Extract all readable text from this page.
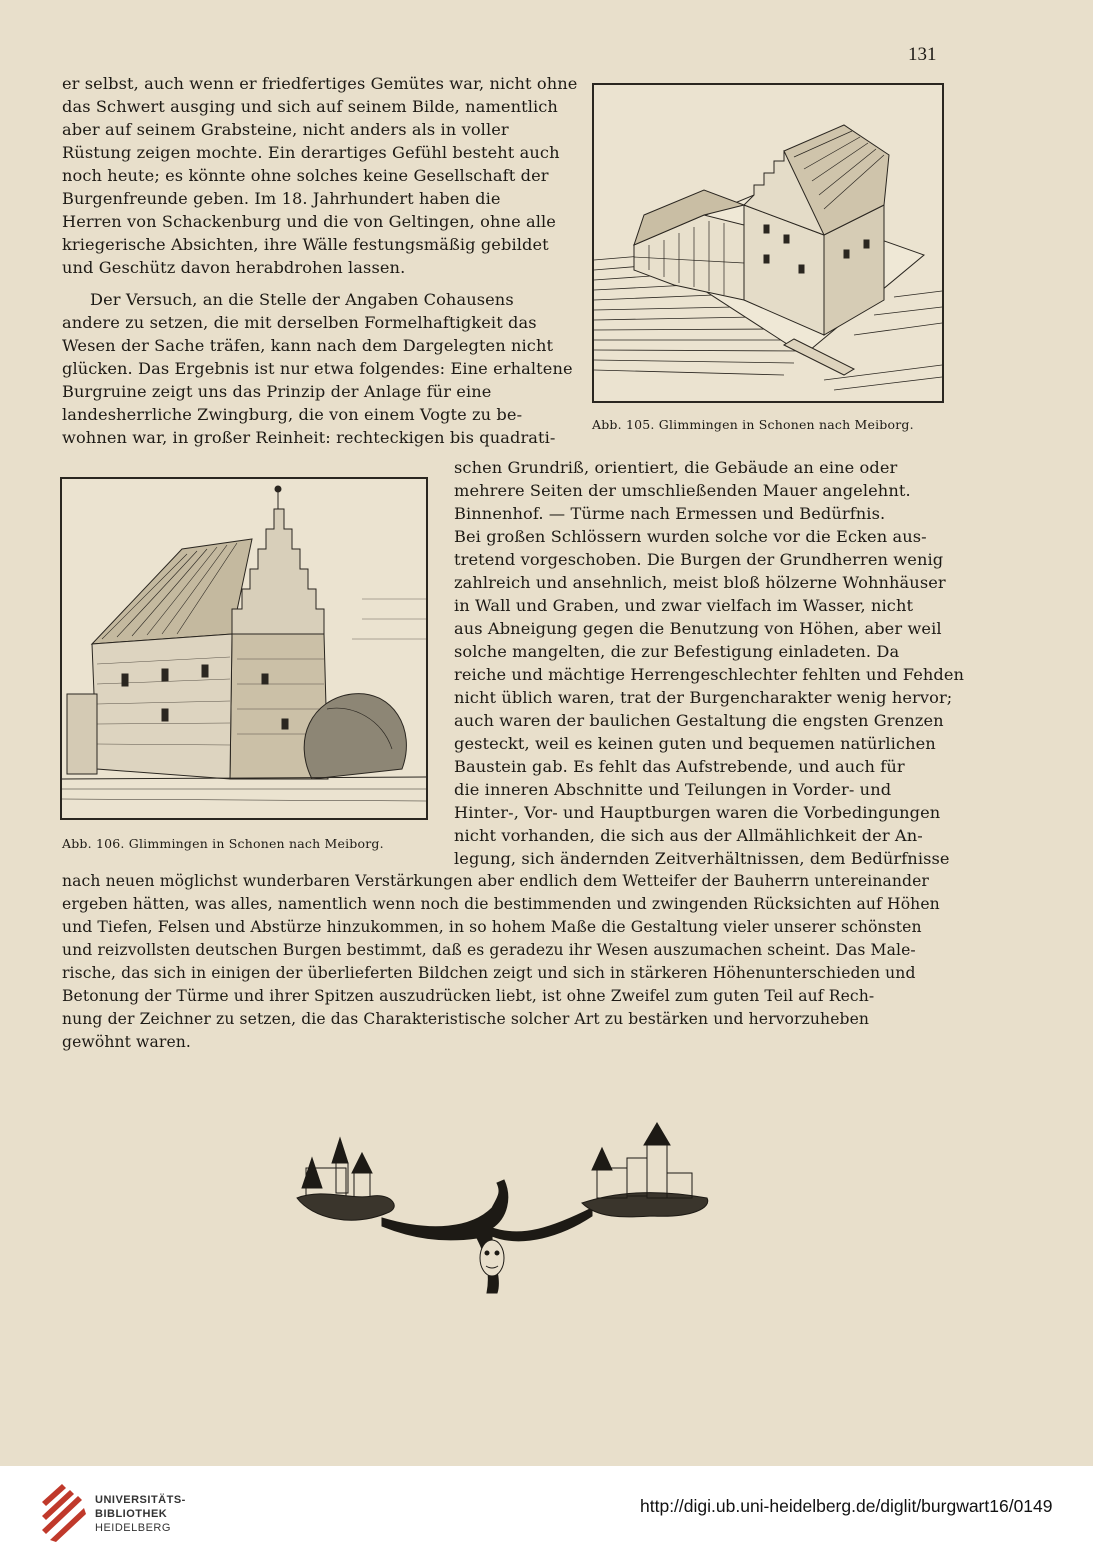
131
er selbst, auch wenn er friedfertiges Gemütes war, nicht ohne
das Schwert ausging und sich auf seinem Bilde, namentlich
aber auf seinem Grabsteine, nicht anders als in voller
Rüstung zeigen mochte. Ein derartiges Gefühl besteht auch
noch heute; es könnte ohne solches keine Gesellschaft der
Burgenfreunde geben. Im 18. Jahrhundert haben die
Herren von Schackenburg und die von Geltingen, ohne alle
kriegerische Absichten, ihre Wälle festungsmäßig gebildet
und Geschütz davon herabdrohen lassen.
Der Versuch, an die Stelle der Angaben Cohausens
andere zu setzen, die mit derselben Formelhaftigkeit das
Wesen der Sache träfen, kann nach dem Dargelegten nicht
glücken. Das Ergebnis ist nur etwa folgendes: Eine erhaltene
Burgruine zeigt uns das Prinzip der Anlage für eine
landesherrliche Zwingburg, die von einem Vogte zu be-
wohnen war, in großer Reinheit: rechteckigen bis quadrati-
Abb. 105. Glimmingen in Schonen nach Meiborg.
Abb. 106. Glimmingen in Schonen nach Meiborg.
schen Grundriß, orientiert, die Gebäude an eine oder
mehrere Seiten der umschließenden Mauer angelehnt.
Binnenhof. — Türme nach Ermessen und Bedürfnis.
Bei großen Schlössern wurden solche vor die Ecken aus-
tretend vorgeschoben. Die Burgen der Grundherren wenig
zahlreich und ansehnlich, meist bloß hölzerne Wohnhäuser
in Wall und Graben, und zwar vielfach im Wasser, nicht
aus Abneigung gegen die Benutzung von Höhen, aber weil
solche mangelten, die zur Befestigung einladeten. Da
reiche und mächtige Herrengeschlechter fehlten und Fehden
nicht üblich waren, trat der Burgencharakter wenig hervor;
auch waren der baulichen Gestaltung die engsten Grenzen
gesteckt, weil es keinen guten und bequemen natürlichen
Baustein gab. Es fehlt das Aufstrebende, und auch für
die inneren Abschnitte und Teilungen in Vorder- und
Hinter-, Vor- und Hauptburgen waren die Vorbedingungen
nicht vorhanden, die sich aus der Allmählichkeit der An-
legung, sich ändernden Zeitverhältnissen, dem Bedürfnisse
nach neuen möglichst wunderbaren Verstärkungen aber endlich dem Wetteifer der Bauherrn untereinander
ergeben hätten, was alles, namentlich wenn noch die bestimmenden und zwingenden Rücksichten auf Höhen
und Tiefen, Felsen und Abstürze hinzukommen, in so hohem Maße die Gestaltung vieler unserer schönsten
und reizvollsten deutschen Burgen bestimmt, daß es geradezu ihr Wesen auszumachen scheint. Das Male-
rische, das sich in einigen der überlieferten Bildchen zeigt und sich in stärkeren Höhenunterschieden und
Betonung der Türme und ihrer Spitzen auszudrücken liebt, ist ohne Zweifel zum guten Teil auf Rech-
nung der Zeichner zu setzen, die das Charakteristische solcher Art zu bestärken und hervorzuheben
gewöhnt waren.
UNIVERSITÄTS-
BIBLIOTHEK
HEIDELBERG
http://digi.ub.uni-heidelberg.de/diglit/burgwart16/0149
